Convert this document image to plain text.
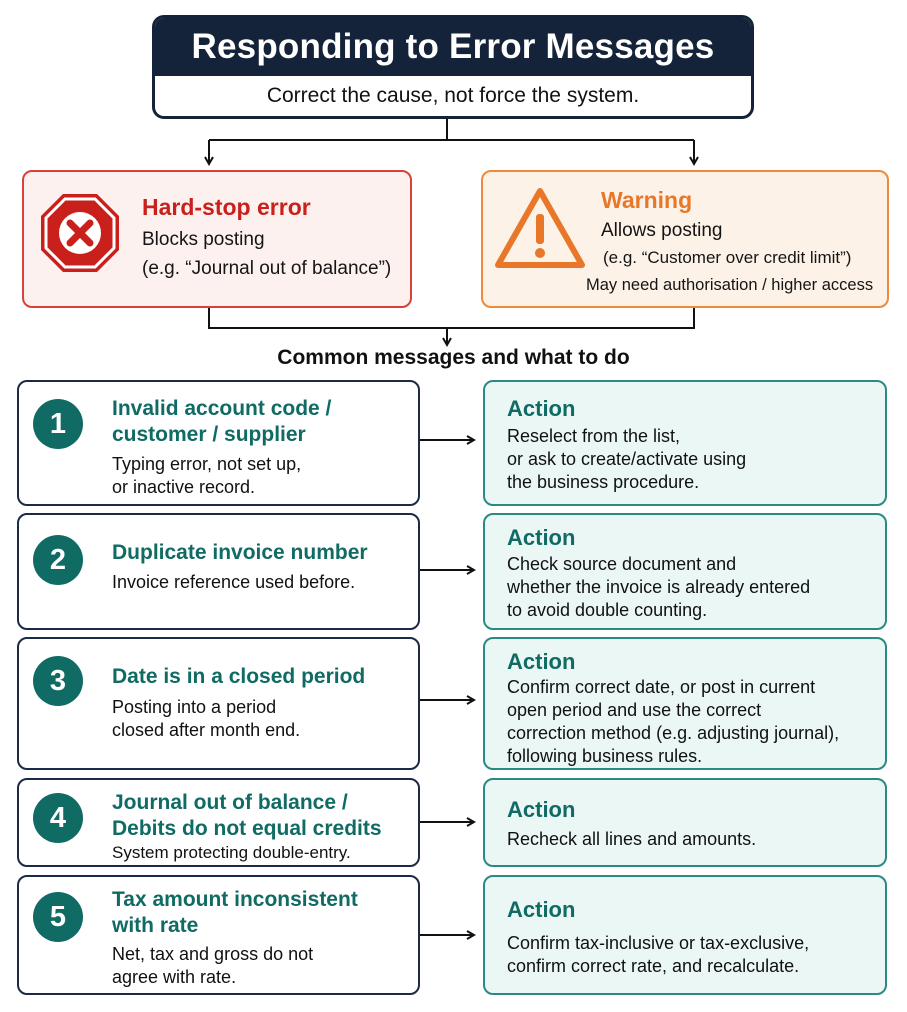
Responding to Error Messages
Correct the cause, not force the system.
Hard-stop error
Blocks posting
(e.g. “Journal out of balance”)
Warning
Allows posting
(e.g. “Customer over credit limit”)
May need authorisation / higher access
Common messages and what to do
1	Invalid account code /
customer / supplier
Typing error, not set up,
or inactive record.
Action
Reselect from the list,
or ask to create/activate using
the business procedure.
2	Duplicate invoice number
Invoice reference used before.
Action
Check source document and
whether the invoice is already entered
to avoid double counting.
3	Date is in a closed period
Posting into a period
closed after month end.
Action
Confirm correct date, or post in current
open period and use the correct
correction method (e.g. adjusting journal),
following business rules.
4	Journal out of balance /
Debits do not equal credits
System protecting double-entry.
Action
Recheck all lines and amounts.
5
Tax amount inconsistent
with rate
Net, tax and gross do not
agree with rate.
Action
Confirm tax-inclusive or tax-exclusive,
confirm correct rate, and recalculate.
